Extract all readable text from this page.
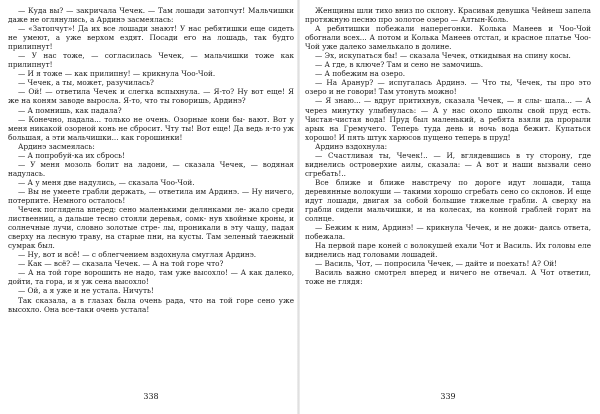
— Куда вы? — закричала Чечек. — Там лошади затопчут! Мальчишки даже не оглянулись, а Ардинэ засмеялась:

— «Затопчут»! Да их все лошади знают! У нас ребятишки еще сидеть не умеют, а уже верхом ездят. Посади его на лошадь, так будто прилипнут!

— У нас тоже, — согласилась Чечек, — мальчишки тоже как прилипнут!

— И я тоже — как прилипну! — крикнула Чоо-Чой.

— Чечек, а ты, может, разучилась?

— Ой! — ответила Чечек и слегка вспыхнула. — Я-то? Ну вот еще! Я же на коням заводе выросла. Я-то, что ты говоришь, Ардинэ?

— А помнишь, как падала?

— Конечно, падала... только не очень. Озорные кони бы- вают. Вот у меня никакой озорной конь не сбросит. Чту ты! Вот еще! Да ведь я-то уж большая, а эти мальчишки... как горошинки!

Ардинэ засмеялась:

— А попробуй-ка их сбрось!

— У меня мозоль болит на ладони, — сказала Чечек, — водяная надулась.

— А у меня две надулись, — сказала Чоо-Чой.

— Вы не умеете грабли держать, — ответила им Ардинэ. — Ну ничего, потерпите. Немного осталось!

Чечек поглядела вперед: сено маленькими делянками ле- жало среди лиственниц, а дальше тесно стояли деревья, сомк- нув хвойные кроны, и солнечные лучи, словно золотые стре- лы, проникали в эту чащу, падая сверху на лесную траву, на старые пни, на кусты. Там зеленый таежный сумрак был.

— Ну, вот и всё! — с облегчением вздохнула смуглая Ардинэ.

— Как — всё? — сказала Чечек. — А на той горе что?

— А на той горе ворошить не надо, там уже высохло! — А как далеко, дойти, та гора, и я уж сена высохло!

— Ой, а я уже и не устала. Ничуть!

Так сказала, а в глазах была очень рада, что на той горе сено уже высохло. Она все-таки очень устала!

338

Женщины шли тихо вниз по склону. Красивая девушка Чейнеш запела протяжную песню про золотое озеро — Алтын-Коль.

А ребятишки побежали наперегонки. Колька Манеев и Чоо-Чой обогнали всех... А потом и Колька Манеев отстал, и красное платье Чоо-Чой уже далеко замелькало в долине.

— Эх, искупаться бы! — сказала Чечек, откидывая на спину косы.

— А где, в ключе? Там и сено не замочишь.

— А побежим на озеро.

— На Аранур? — испугалась Ардинэ. — Что ты, Чечек, ты про это озеро и не говори! Там утонуть можно!

— Я знаю... — вдруг притихнув, сказала Чечек, — я слы- шала... — А через минутку улыбнулась: — А у нас около школы свой пруд есть. Чистая-чистая вода! Пруд был маленький, а ребята взяли да прорыли арык на Гремучего. Теперь туда день и ночь вода бежит. Купаться хорошо! И пять штук харюсов пущено теперь в пруд!

Ардинэ вздохнула:

— Счастливая ты, Чечек!.. — И, вглядевшись в ту сторону, где виднелись островерхие аилы, сказала: — А вот и наши вызвали сено сгребать!..

Все ближе и ближе навстречу по дороге идут лошади, таща деревянные волокуши — такими хорошо сгребать сено со склонов. И еще идут лошади, двигая за собой большие тяжелые грабли. А сверху на грабли сидели мальчишки, и на колесах, на конной граблей горят на солнце.

— Бежим к ним, Ардинэ! — крикнула Чечек, и не дожи- даясь ответа, побежала.

На первой паре коней с волокушей ехали Чот и Василь. Их головы еле виднелись над головами лошадей.

— Василь, Чот, — попросила Чечек, — дайте и поехать! А? Ой!

Василь важно смотрел вперед и ничего не отвечал. А Чот ответил, тоже не глядя:

339
